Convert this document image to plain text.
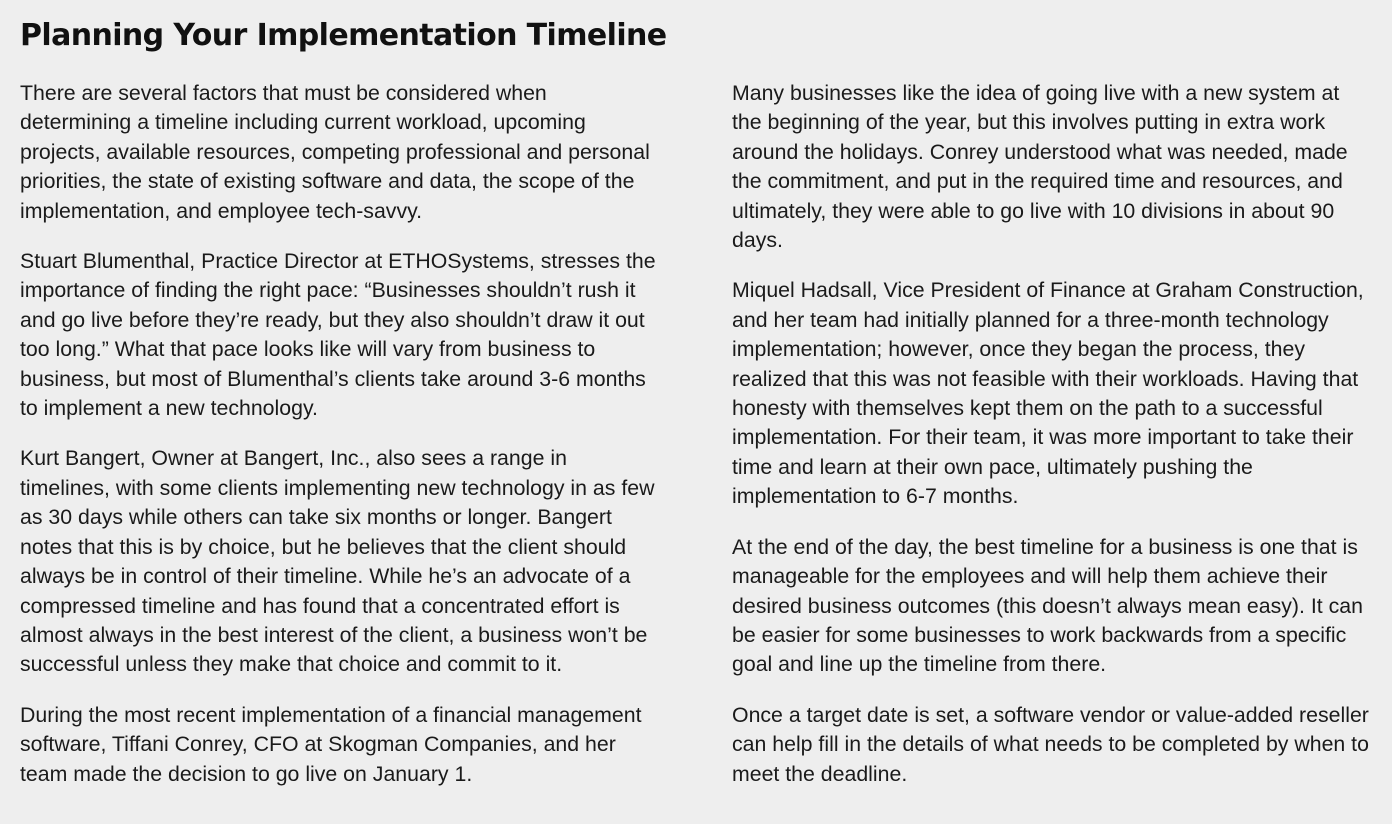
Planning Your Implementation Timeline

There are several factors that must be considered when determining a timeline including current workload, upcoming projects, available resources, competing professional and personal priorities, the state of existing software and data, the scope of the implementation, and employee tech-savvy.

Stuart Blumenthal, Practice Director at ETHOSystems, stresses the importance of finding the right pace: “Businesses shouldn’t rush it and go live before they’re ready, but they also shouldn’t draw it out too long.” What that pace looks like will vary from business to business, but most of Blumenthal’s clients take around 3-6 months to implement a new technology.

Kurt Bangert, Owner at Bangert, Inc., also sees a range in timelines, with some clients implementing new technology in as few as 30 days while others can take six months or longer. Bangert notes that this is by choice, but he believes that the client should always be in control of their timeline. While he’s an advocate of a compressed timeline and has found that a concentrated effort is almost always in the best interest of the client, a business won’t be successful unless they make that choice and commit to it.

During the most recent implementation of a financial management software, Tiffani Conrey, CFO at Skogman Companies, and her team made the decision to go live on January 1.

Many businesses like the idea of going live with a new system at the beginning of the year, but this involves putting in extra work around the holidays. Conrey understood what was needed, made the commitment, and put in the required time and resources, and ultimately, they were able to go live with 10 divisions in about 90 days.

Miquel Hadsall, Vice President of Finance at Graham Construction, and her team had initially planned for a three-month technology implementation; however, once they began the process, they realized that this was not feasible with their workloads. Having that honesty with themselves kept them on the path to a successful implementation. For their team, it was more important to take their time and learn at their own pace, ultimately pushing the implementation to 6-7 months.

At the end of the day, the best timeline for a business is one that is manageable for the employees and will help them achieve their desired business outcomes (this doesn’t always mean easy). It can be easier for some businesses to work backwards from a specific goal and line up the timeline from there.

Once a target date is set, a software vendor or value-added reseller can help fill in the details of what needs to be completed by when to meet the deadline.
